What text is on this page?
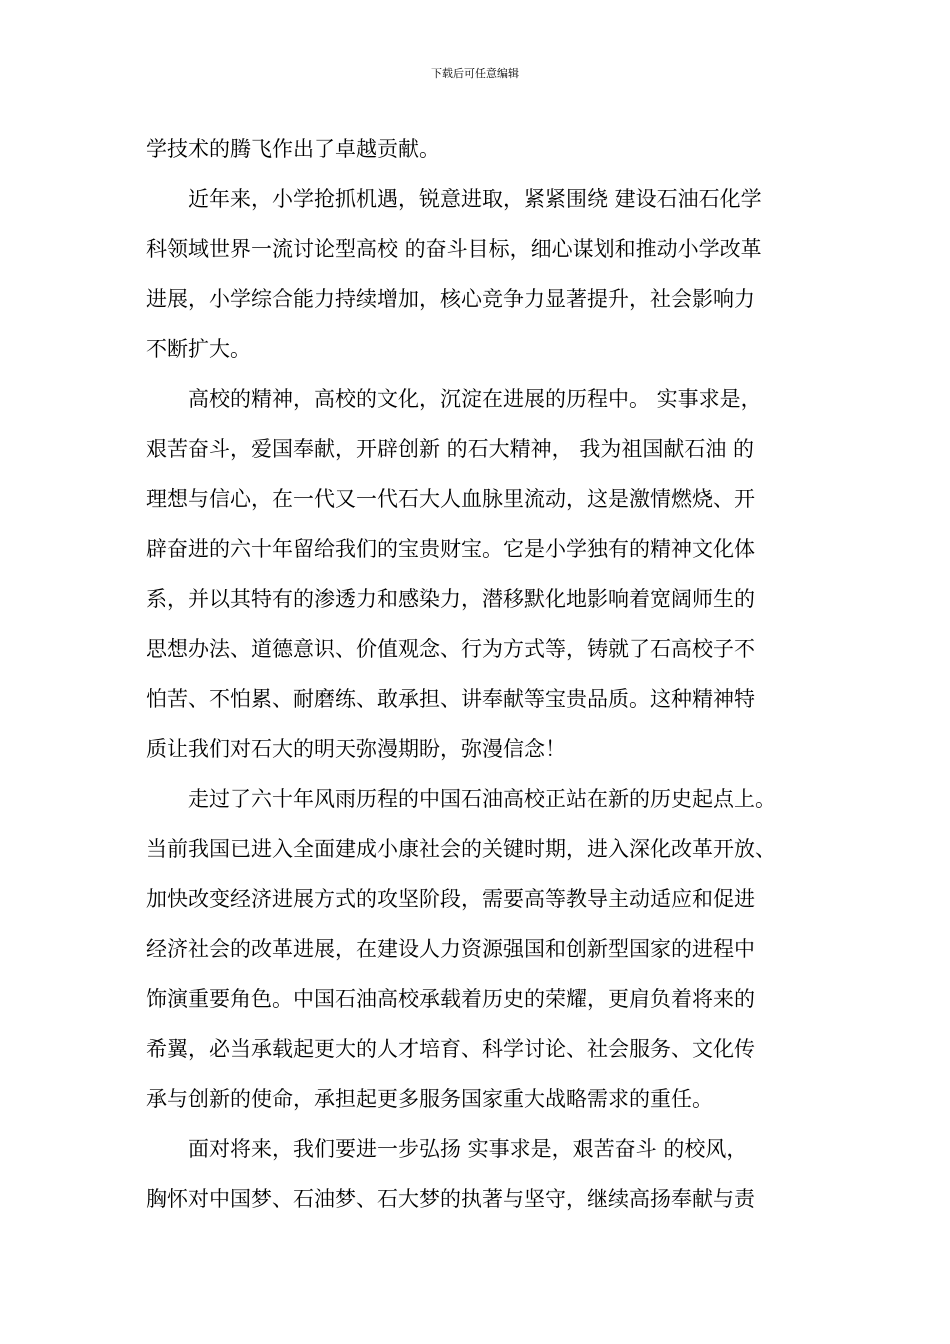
下载后可任意编辑
学技术的腾飞作出了卓越贡献。
　　近年来，小学抢抓机遇，锐意进取，紧紧围绕 建设石油石化学
科领域世界一流讨论型高校 的奋斗目标，细心谋划和推动小学改革
进展，小学综合能力持续增加，核心竞争力显著提升，社会影响力
不断扩大。
　　高校的精神，高校的文化，沉淀在进展的历程中。 实事求是，
艰苦奋斗，爱国奉献，开辟创新 的石大精神， 我为祖国献石油 的
理想与信心，在一代又一代石大人血脉里流动，这是激情燃烧、开
辟奋进的六十年留给我们的宝贵财宝。它是小学独有的精神文化体
系，并以其特有的渗透力和感染力，潜移默化地影响着宽阔师生的
思想办法、道德意识、价值观念、行为方式等，铸就了石高校子不
怕苦、不怕累、耐磨练、敢承担、讲奉献等宝贵品质。这种精神特
质让我们对石大的明天弥漫期盼，弥漫信念！
　　走过了六十年风雨历程的中国石油高校正站在新的历史起点上。
当前我国已进入全面建成小康社会的关键时期，进入深化改革开放、
加快改变经济进展方式的攻坚阶段，需要高等教导主动适应和促进
经济社会的改革进展，在建设人力资源强国和创新型国家的进程中
饰演重要角色。中国石油高校承载着历史的荣耀，更肩负着将来的
希翼，必当承载起更大的人才培育、科学讨论、社会服务、文化传
承与创新的使命，承担起更多服务国家重大战略需求的重任。
　　面对将来，我们要进一步弘扬 实事求是，艰苦奋斗 的校风，
胸怀对中国梦、石油梦、石大梦的执著与坚守，继续高扬奉献与责
